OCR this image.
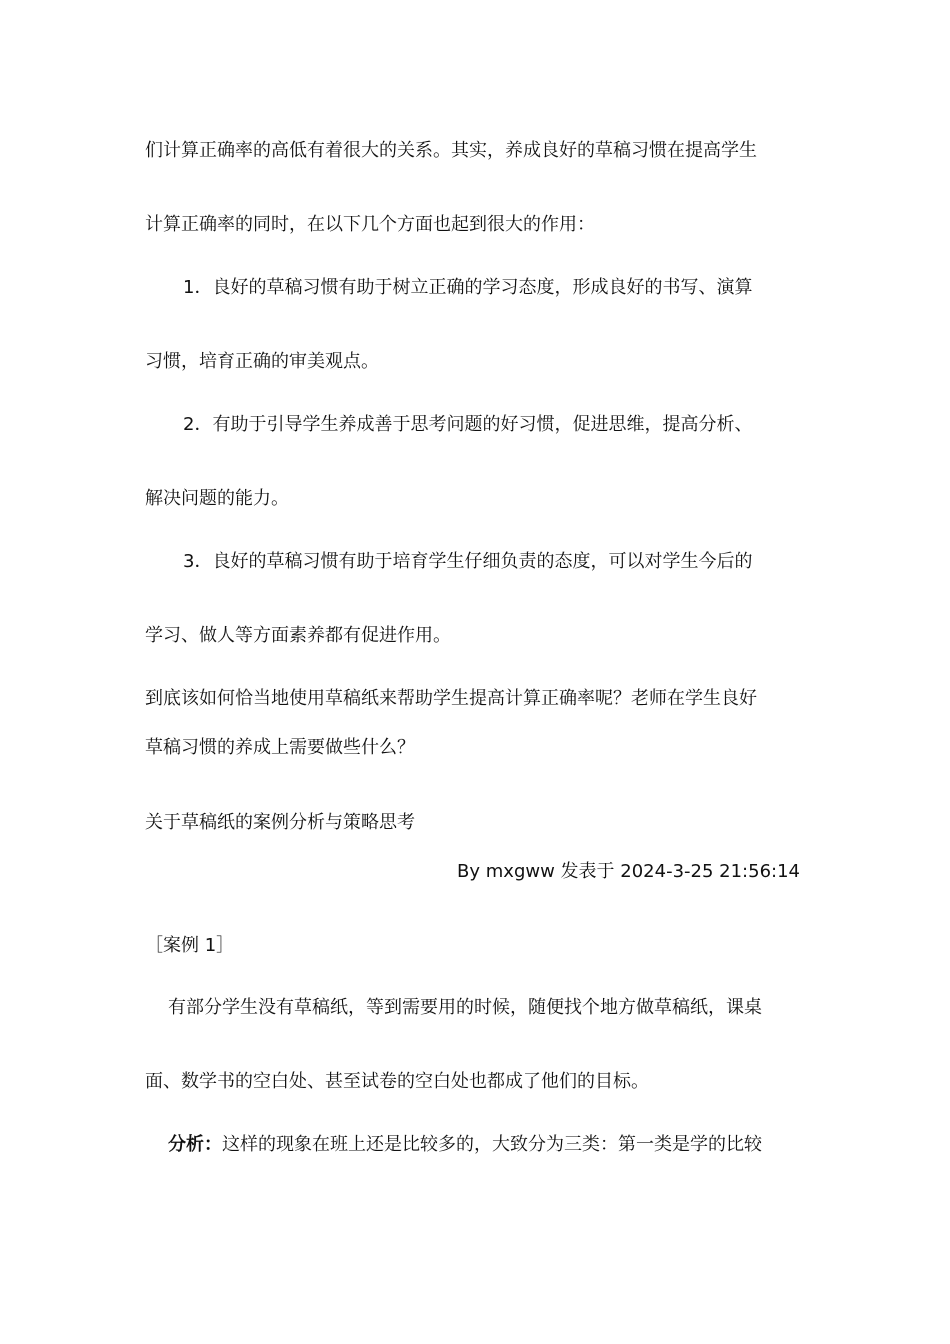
们计算正确率的高低有着很大的关系。其实，养成良好的草稿习惯在提高学生
计算正确率的同时，在以下几个方面也起到很大的作用：
1．良好的草稿习惯有助于树立正确的学习态度，形成良好的书写、演算
习惯，培育正确的审美观点。
2．有助于引导学生养成善于思考问题的好习惯，促进思维，提高分析、
解决问题的能力。
3．良好的草稿习惯有助于培育学生仔细负责的态度，可以对学生今后的
学习、做人等方面素养都有促进作用。
到底该如何恰当地使用草稿纸来帮助学生提高计算正确率呢？老师在学生良好
草稿习惯的养成上需要做些什么？
关于草稿纸的案例分析与策略思考
By mxgww 发表于 2024-3-25 21:56:14
［案例 1］
有部分学生没有草稿纸，等到需要用的时候，随便找个地方做草稿纸，课桌
面、数学书的空白处、甚至试卷的空白处也都成了他们的目标。
分析：这样的现象在班上还是比较多的，大致分为三类：第一类是学的比较
